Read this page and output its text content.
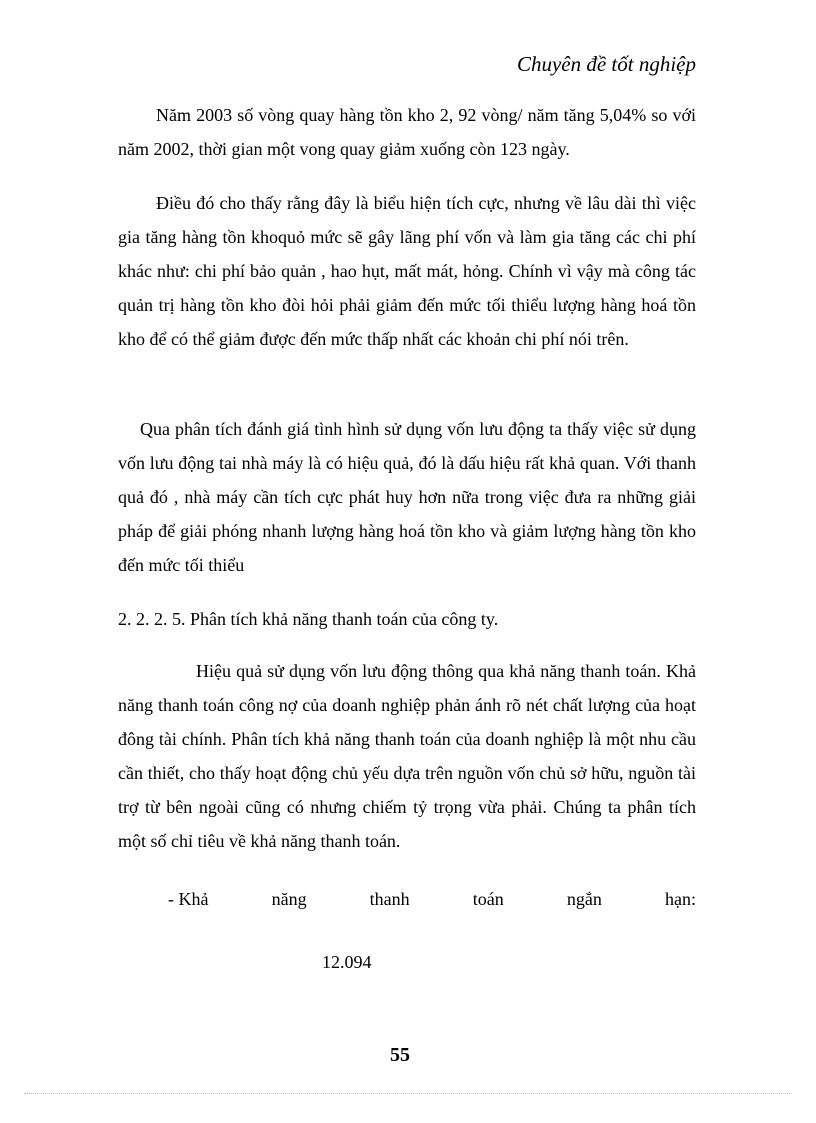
Chuyên đề tốt nghiệp

Năm 2003 số vòng quay hàng tồn kho 2, 92 vòng/ năm tăng 5,04% so với năm 2002, thời gian một vong quay giảm xuống còn 123 ngày.

Điều đó cho thấy rằng đây là biểu hiện tích cực, nhưng về lâu dài thì việc gia tăng hàng tồn khoquỏ mức sẽ gây lãng phí vốn và làm gia tăng các chi phí khác như: chi phí bảo quản , hao hụt, mất mát, hỏng. Chính vì vậy mà công tác quản trị hàng tồn kho đòi hỏi phải giảm đến mức tối thiểu lượng hàng hoá tồn kho để có thể giảm được đến mức thấp nhất các khoản chi phí nói trên.

Qua phân tích đánh giá tình hình sử dụng vốn lưu động ta thấy việc sử dụng vốn lưu động tai nhà máy là có hiệu quả, đó là dấu hiệu rất khả quan. Với thanh quả đó , nhà máy cần tích cực phát huy hơn nữa trong việc đưa ra những giải pháp để giải phóng nhanh lượng hàng hoá tồn kho và giảm lượng hàng tồn kho đến mức tối thiểu

2. 2. 2. 5. Phân tích khả năng thanh toán của công ty.

Hiệu quả sử dụng vốn lưu động thông qua khả năng thanh toán. Khả năng thanh toán công nợ của doanh nghiệp phản ánh rõ nét chất lượng của hoạt đông tài chính. Phân tích khả năng thanh toán của doanh nghiệp là một nhu cầu cần thiết, cho thấy hoạt động chủ yếu dựa trên nguồn vốn chủ sở hữu, nguồn tài trợ từ bên ngoài cũng có nhưng chiếm tỷ trọng vừa phải. Chúng ta phân tích một số chỉ tiêu về khả năng thanh toán.

- Khả	năng	thanh	toán	ngắn	hạn:
12.094
55
